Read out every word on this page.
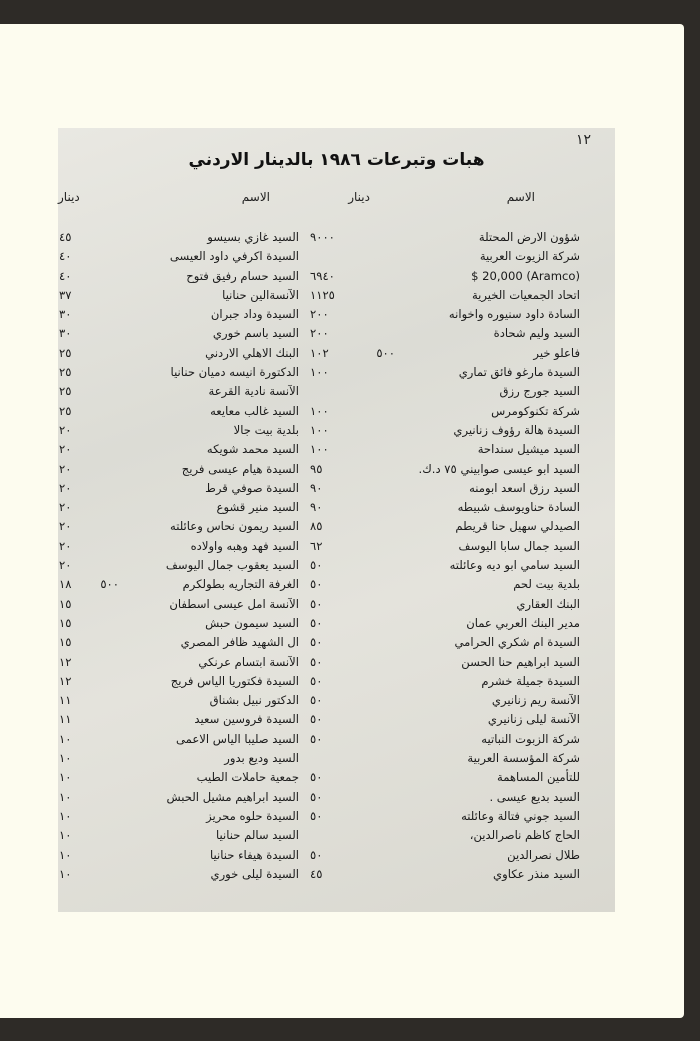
١٢
هبات وتبرعات ١٩٨٦ بالدينار الاردني
الاسم
دينار
الاسم
دينار
شؤون الارض المحتلة
٩٠٠٠
شركة الزيوت العربية
$ 20,000 (Aramco)
٦٩٤٠
اتحاد الجمعيات الخيرية
١١٢٥
السادة داود سنيوره واخوانه
٢٠٠
السيد وليم شحادة
٢٠٠
فاعلو خير
١٠٢	٥٠٠
السيدة مارغو فائق تماري
١٠٠
السيد جورج رزق
شركة تكنوكومرس
١٠٠
السيدة هالة رؤوف زنانيري
١٠٠
السيد ميشيل سنداحة
١٠٠
السيد ابو عيسى صوابيني ٧٥ د.ك.
٩٥
السيد رزق اسعد ابومنه
٩٠
السادة حناويوسف شبيطه
٩٠
الصيدلي سهيل حنا قريطم
٨٥
السيد جمال سابا اليوسف
٦٢
السيد سامي ابو ديه وعائلته
٥٠
بلدية بيت لحم
٥٠
البنك العقاري
٥٠
مدير البنك العربي عمان
٥٠
السيدة ام شكري الحرامي
٥٠
السيد ابراهيم حنا الحسن
٥٠
السيدة جميلة خشرم
٥٠
الآنسة ريم زنانيري
٥٠
الآنسة ليلى زنانيري
٥٠
شركة الزبوت النباتيه
٥٠
شركة المؤسسة العربية
للتأمين المساهمة
٥٠
السيد بديع عيسى .
٥٠
السيد جوني فتالة وعائلته
٥٠
الحاج كاظم ناصرالدين،
طلال نصرالدين
٥٠
السيد منذر عكاوي
٤٥
السيد غازي بسيسو
٤٥
السيدة اكرفي داود العيسى
٤٠
السيد حسام رفيق فتوح
٤٠
الآنسةالين حنانيا
٣٧
السيدة وداد جبران
٣٠
السيد باسم خوري
٣٠
البنك الاهلي الاردني
٢٥
الدكتورة انيسه دميان حنانيا
٢٥
الآنسة نادية القرعة
٢٥
السيد غالب معايعه
٢٥
بلدية بيت جالا
٢٠
السيد محمد شويكه
٢٠
السيدة هيام عيسى فريج
٢٠
السيدة صوفي قرط
٢٠
السيد منير قشوع
٢٠
السيد ريمون نحاس وعائلته
٢٠
السيد فهد وهبه واولاده
٢٠
السيد يعقوب جمال اليوسف
٢٠
الغرفة التجاريه بطولكرم
١٨	٥٠٠
الآنسة امل عيسى اسطفان
١٥
السيد سيمون حبش
١٥
ال الشهيد ظافر المصري
١٥
الآنسة ابتسام عرنكي
١٢
السيدة فكتوريا الياس فريج
١٢
الدكتور نبيل بشناق
١١
السيدة فروسين سعيد
١١
السيد صليبا الياس الاعمى
١٠
السيد وديع بدور
١٠
جمعية حاملات الطيب
١٠
السيد ابراهيم مشيل الحبش
١٠
السيدة حلوه محريز
١٠
السيد سالم حنانيا
١٠
السيدة هيفاء حنانيا
١٠
السيدة ليلى خوري
١٠
